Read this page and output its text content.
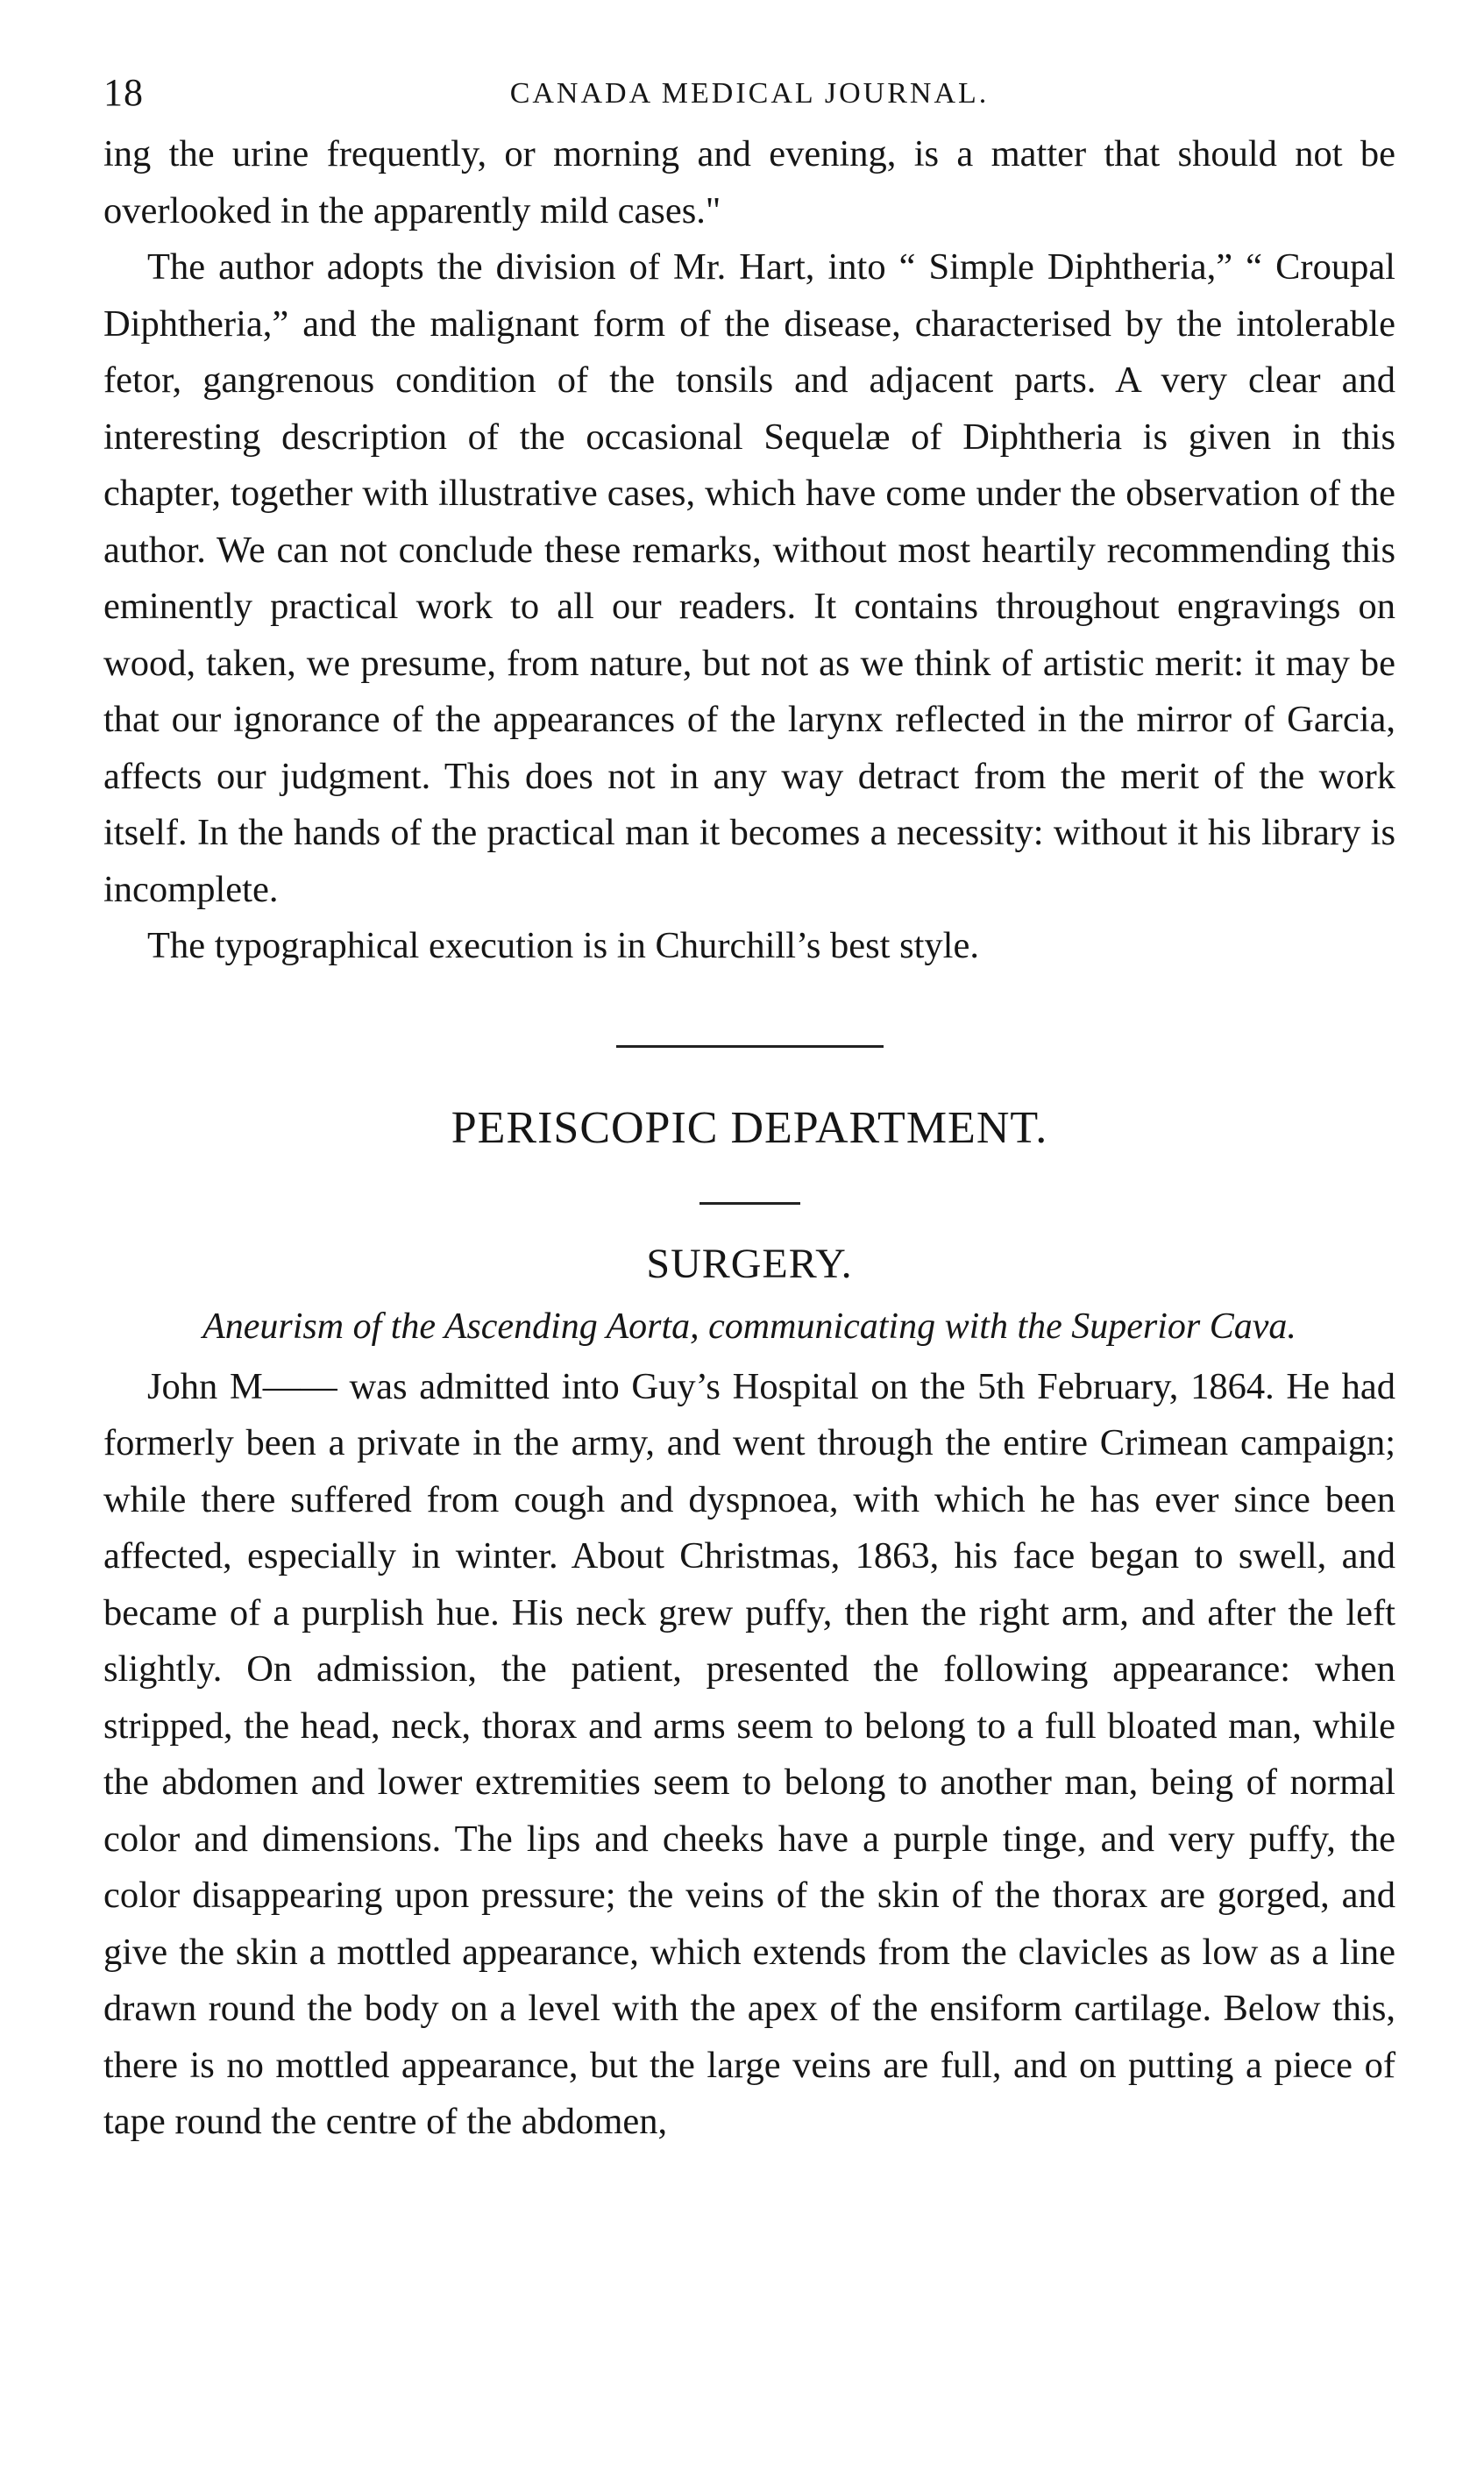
18	CANADA MEDICAL JOURNAL.

ing the urine frequently, or morning and evening, is a matter that should not be overlooked in the apparently mild cases."

The author adopts the division of Mr. Hart, into “ Simple Diphtheria,” “ Croupal Diphtheria,” and the malignant form of the disease, characterised by the intolerable fetor, gangrenous condition of the tonsils and adjacent parts. A very clear and interesting description of the occasional Sequelæ of Diphtheria is given in this chapter, together with illustrative cases, which have come under the observation of the author. We can not conclude these remarks, without most heartily recommending this eminently practical work to all our readers. It contains throughout engravings on wood, taken, we presume, from nature, but not as we think of artistic merit: it may be that our ignorance of the appearances of the larynx reflected in the mirror of Garcia, affects our judgment. This does not in any way detract from the merit of the work itself. In the hands of the practical man it becomes a necessity: without it his library is incomplete.

The typographical execution is in Churchill’s best style.

PERISCOPIC DEPARTMENT.
SURGERY.
Aneurism of the Ascending Aorta, communicating with the Superior Cava.

John M—— was admitted into Guy’s Hospital on the 5th February, 1864. He had formerly been a private in the army, and went through the entire Crimean campaign; while there suffered from cough and dyspnoea, with which he has ever since been affected, especially in winter. About Christmas, 1863, his face began to swell, and became of a purplish hue. His neck grew puffy, then the right arm, and after the left slightly. On admission, the patient, presented the following appearance: when stripped, the head, neck, thorax and arms seem to belong to a full bloated man, while the abdomen and lower extremities seem to belong to another man, being of normal color and dimensions. The lips and cheeks have a purple tinge, and very puffy, the color disappearing upon pressure; the veins of the skin of the thorax are gorged, and give the skin a mottled appearance, which extends from the clavicles as low as a line drawn round the body on a level with the apex of the ensiform cartilage. Below this, there is no mottled appearance, but the large veins are full, and on putting a piece of tape round the centre of the abdomen,
